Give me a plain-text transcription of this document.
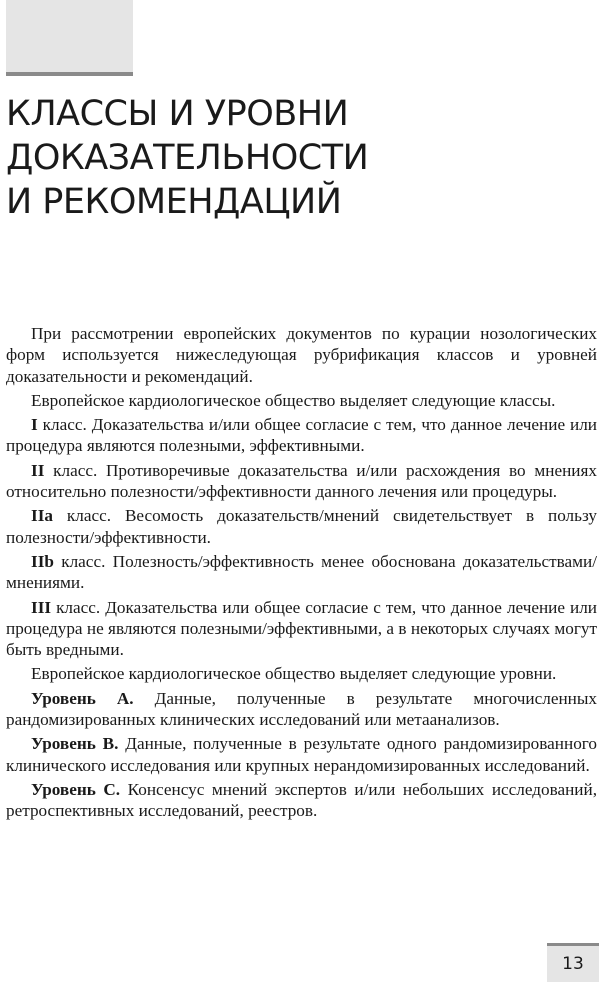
КЛАССЫ И УРОВНИ
ДОКАЗАТЕЛЬНОСТИ
И РЕКОМЕНДАЦИЙ

При рассмотрении европейских документов по курации нозологических форм используется нижеследующая рубрификация классов и уровней доказательности и рекомендаций.

Европейское кардиологическое общество выделяет следующие классы.

I класс. Доказательства и/или общее согласие с тем, что данное лечение или процедура являются полезными, эффективными.

II класс. Противоречивые доказательства и/или расхождения во мнениях относительно полезности/эффективности данного лечения или процедуры.

IIa класс. Весомость доказательств/мнений свидетельствует в пользу полезности/эффективности.

IIb класс. Полезность/эффективность менее обоснована доказательствами/мнениями.

III класс. Доказательства или общее согласие с тем, что данное лечение или процедура не являются полезными/эффективными, а в некоторых случаях могут быть вредными.

Европейское кардиологическое общество выделяет следующие уровни.

Уровень А. Данные, полученные в результате многочисленных рандомизированных клинических исследований или метаанализов.

Уровень В. Данные, полученные в результате одного рандомизированного клинического исследования или крупных нерандомизированных исследований.

Уровень С. Консенсус мнений экспертов и/или небольших исследований, ретроспективных исследований, реестров.

13
